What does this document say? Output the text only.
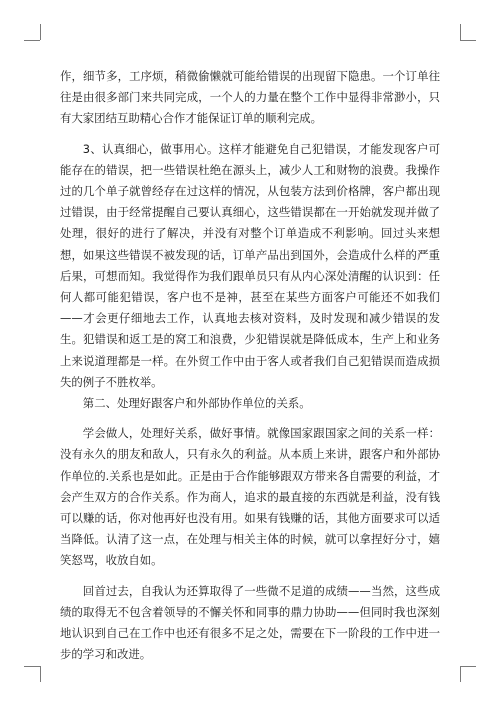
作，细节多，工序烦，稍微偷懒就可能给错误的出现留下隐患。一个订单往往是由很多部门来共同完成，一个人的力量在整个工作中显得非常渺小，只有大家团结互助精心合作才能保证订单的顺利完成。

3、认真细心，做事用心。这样才能避免自己犯错误，才能发现客户可能存在的错误，把一些错误杜绝在源头上，减少人工和财物的浪费。我操作过的几个单子就曾经存在过这样的情况，从包装方法到价格牌，客户都出现过错误，由于经常提醒自己要认真细心，这些错误都在一开始就发现并做了处理，很好的进行了解决，并没有对整个订单造成不利影响。回过头来想想，如果这些错误不被发现的话，订单产品出到国外，会造成什么样的严重后果，可想而知。我觉得作为我们跟单员只有从内心深处清醒的认识到：任何人都可能犯错误，客户也不是神，甚至在某些方面客户可能还不如我们——才会更仔细地去工作，认真地去核对资料，及时发现和减少错误的发生。犯错误和返工是的窝工和浪费，少犯错误就是降低成本，生产上和业务上来说道理都是一样。在外贸工作中由于客人或者我们自己犯错误而造成损失的例子不胜枚举。

第二、处理好跟客户和外部协作单位的关系。

学会做人，处理好关系，做好事情。就像国家跟国家之间的关系一样：没有永久的朋友和敌人，只有永久的利益。从本质上来讲，跟客户和外部协作单位的.关系也是如此。正是由于合作能够跟双方带来各自需要的利益，才会产生双方的合作关系。作为商人，追求的最直接的东西就是利益，没有钱可以赚的话，你对他再好也没有用。如果有钱赚的话，其他方面要求可以适当降低。认清了这一点，在处理与相关主体的时候，就可以拿捏好分寸，嬉笑怒骂，收放自如。

回首过去，自我认为还算取得了一些微不足道的成绩——当然，这些成绩的取得无不包含着领导的不懈关怀和同事的鼎力协助——但同时我也深刻地认识到自己在工作中也还有很多不足之处，需要在下一阶段的工作中进一步的学习和改进。
